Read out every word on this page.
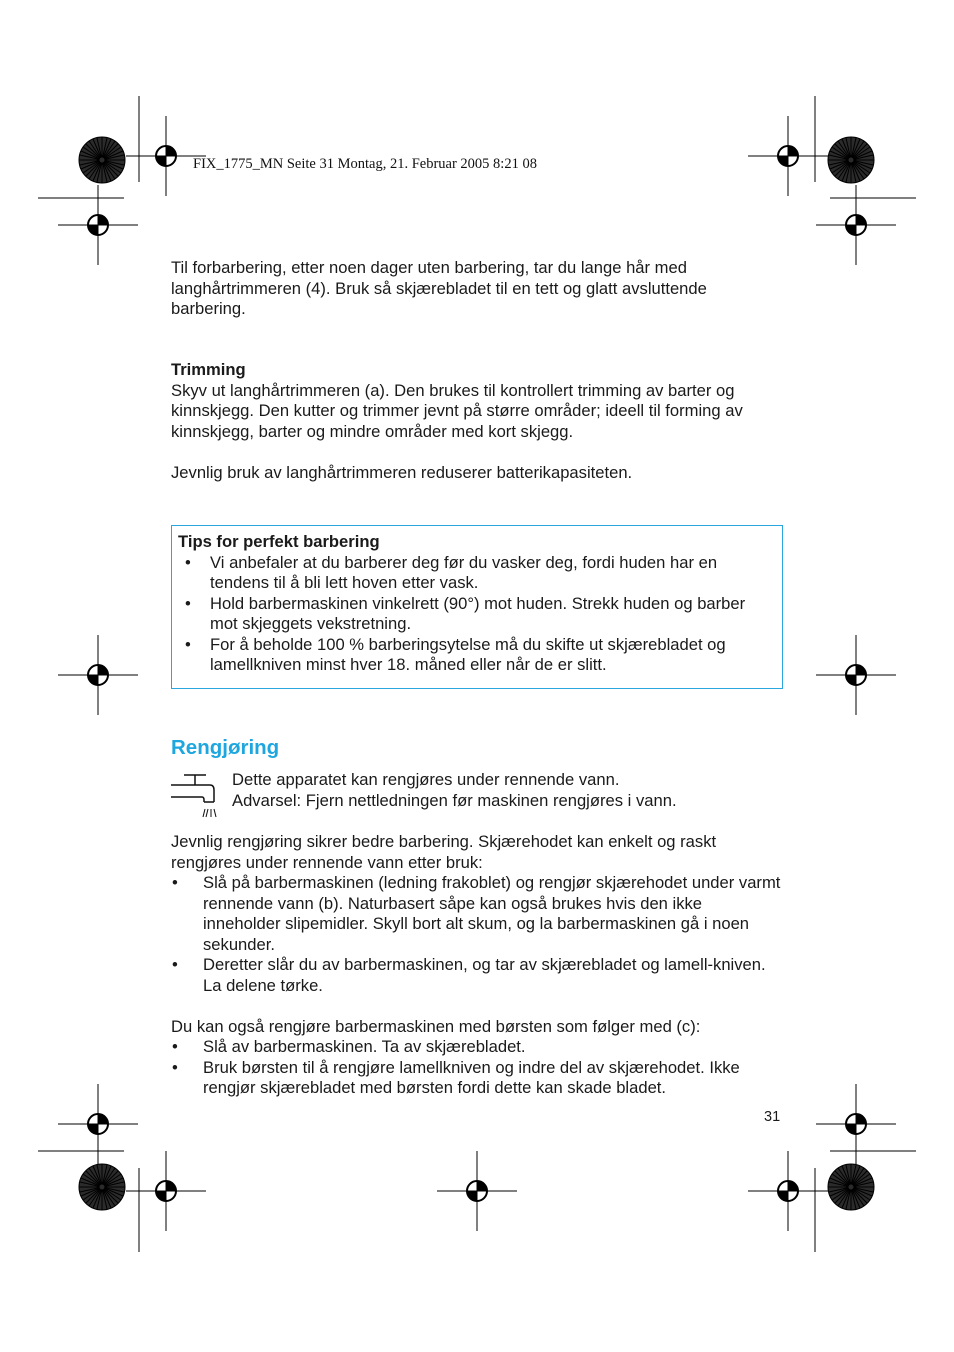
FIX_1775_MN Seite 31 Montag, 21. Februar 2005 8:21 08

Til forbarbering, etter noen dager uten barbering, tar du lange hår med langhårtrimmeren (4). Bruk så skjærebladet til en tett og glatt avsluttende barbering.

Trimming

Skyv ut langhårtrimmeren (a). Den brukes til kontrollert trimming av barter og kinnskjegg. Den kutter og trimmer jevnt på større områder; ideell til forming av kinnskjegg, barter og mindre områder med kort skjegg.

Jevnlig bruk av langhårtrimmeren reduserer batterikapasiteten.

Tips for perfekt barbering

• Vi anbefaler at du barberer deg før du vasker deg, fordi huden har en tendens til å bli lett hoven etter vask.
• Hold barbermaskinen vinkelrett (90°) mot huden. Strekk huden og barber mot skjeggets vekstretning.
• For å beholde 100 % barberingsytelse må du skifte ut skjærebladet og lamellkniven minst hver 18. måned eller når de er slitt.
Rengjøring

Dette apparatet kan rengjøres under rennende vann.

Advarsel: Fjern nettledningen før maskinen rengjøres i vann.

Jevnlig rengjøring sikrer bedre barbering. Skjærehodet kan enkelt og raskt rengjøres under rennende vann etter bruk:

• Slå på barbermaskinen (ledning frakoblet) og rengjør skjærehodet under varmt rennende vann (b). Naturbasert såpe kan også brukes hvis den ikke inneholder slipemidler. Skyll bort alt skum, og la barbermaskinen gå i noen sekunder.
• Deretter slår du av barbermaskinen, og tar av skjærebladet og lamell-kniven. La delene tørke.

Du kan også rengjøre barbermaskinen med børsten som følger med (c):

• Slå av barbermaskinen. Ta av skjærebladet.
• Bruk børsten til å rengjøre lamellkniven og indre del av skjærehodet. Ikke rengjør skjærebladet med børsten fordi dette kan skade bladet.
31
